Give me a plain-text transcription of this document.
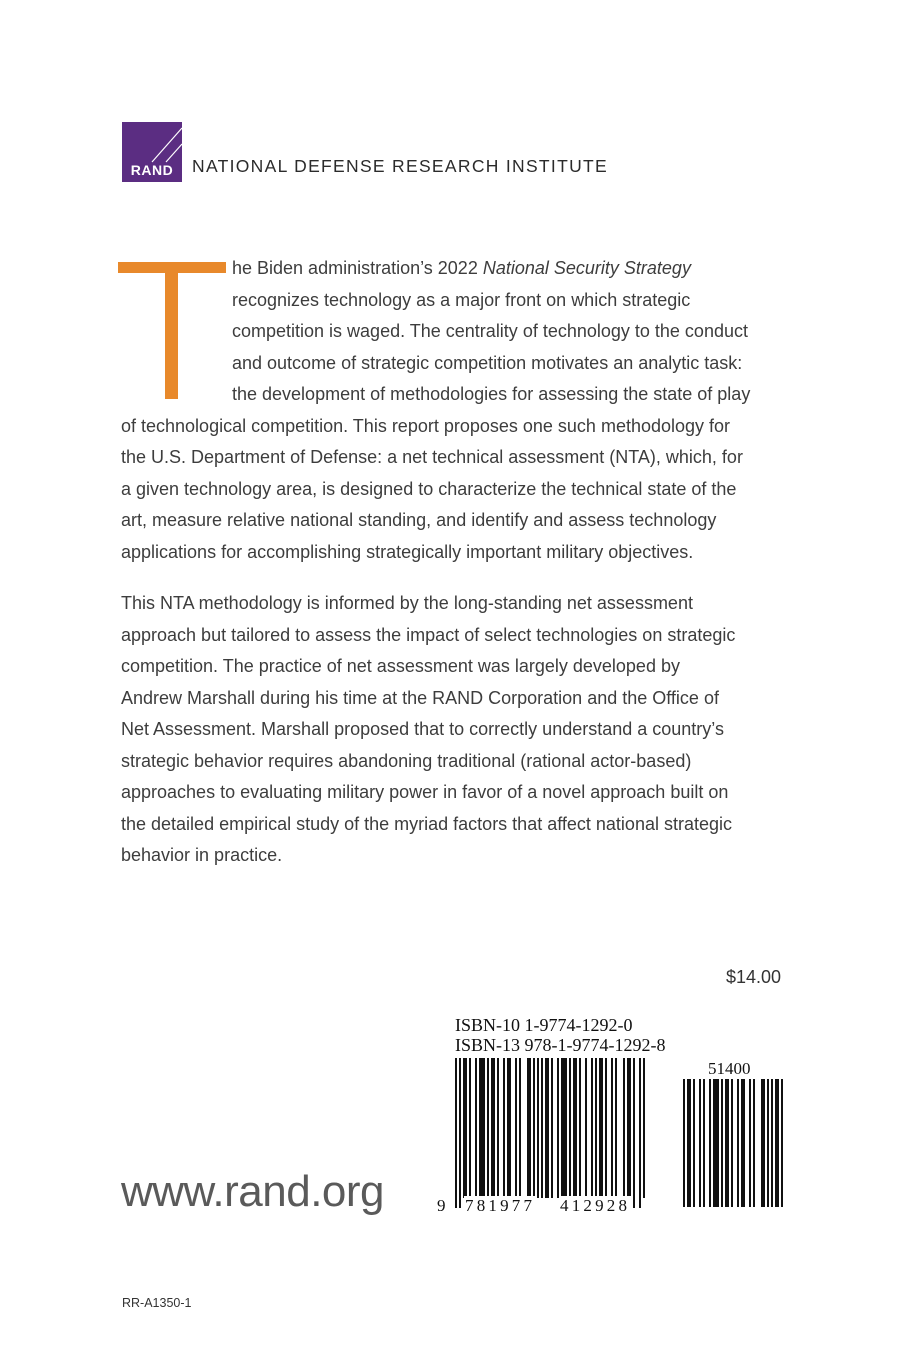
RAND	NATIONAL DEFENSE RESEARCH INSTITUTE
he Biden administration’s 2022 National Security Strategy
recognizes technology as a major front on which strategic
competition is waged. The centrality of technology to the conduct
and outcome of strategic competition motivates an analytic task:
the development of methodologies for assessing the state of play
of technological competition. This report proposes one such methodology for
the U.S. Department of Defense: a net technical assessment (NTA), which, for
a given technology area, is designed to characterize the technical state of the
art, measure relative national standing, and identify and assess technology
applications for accomplishing strategically important military objectives.
This NTA methodology is informed by the long-standing net assessment
approach but tailored to assess the impact of select technologies on strategic
competition. The practice of net assessment was largely developed by
Andrew Marshall during his time at the RAND Corporation and the Office of
Net Assessment. Marshall proposed that to correctly understand a country’s
strategic behavior requires abandoning traditional (rational actor-based)
approaches to evaluating military power in favor of a novel approach built on
the detailed empirical study of the myriad factors that affect national strategic
behavior in practice.
$14.00
ISBN-10 1-9774-1292-0
ISBN-13 978-1-9774-1292-8
51400
9 781977 412928
www.rand.org
RR-A1350-1
